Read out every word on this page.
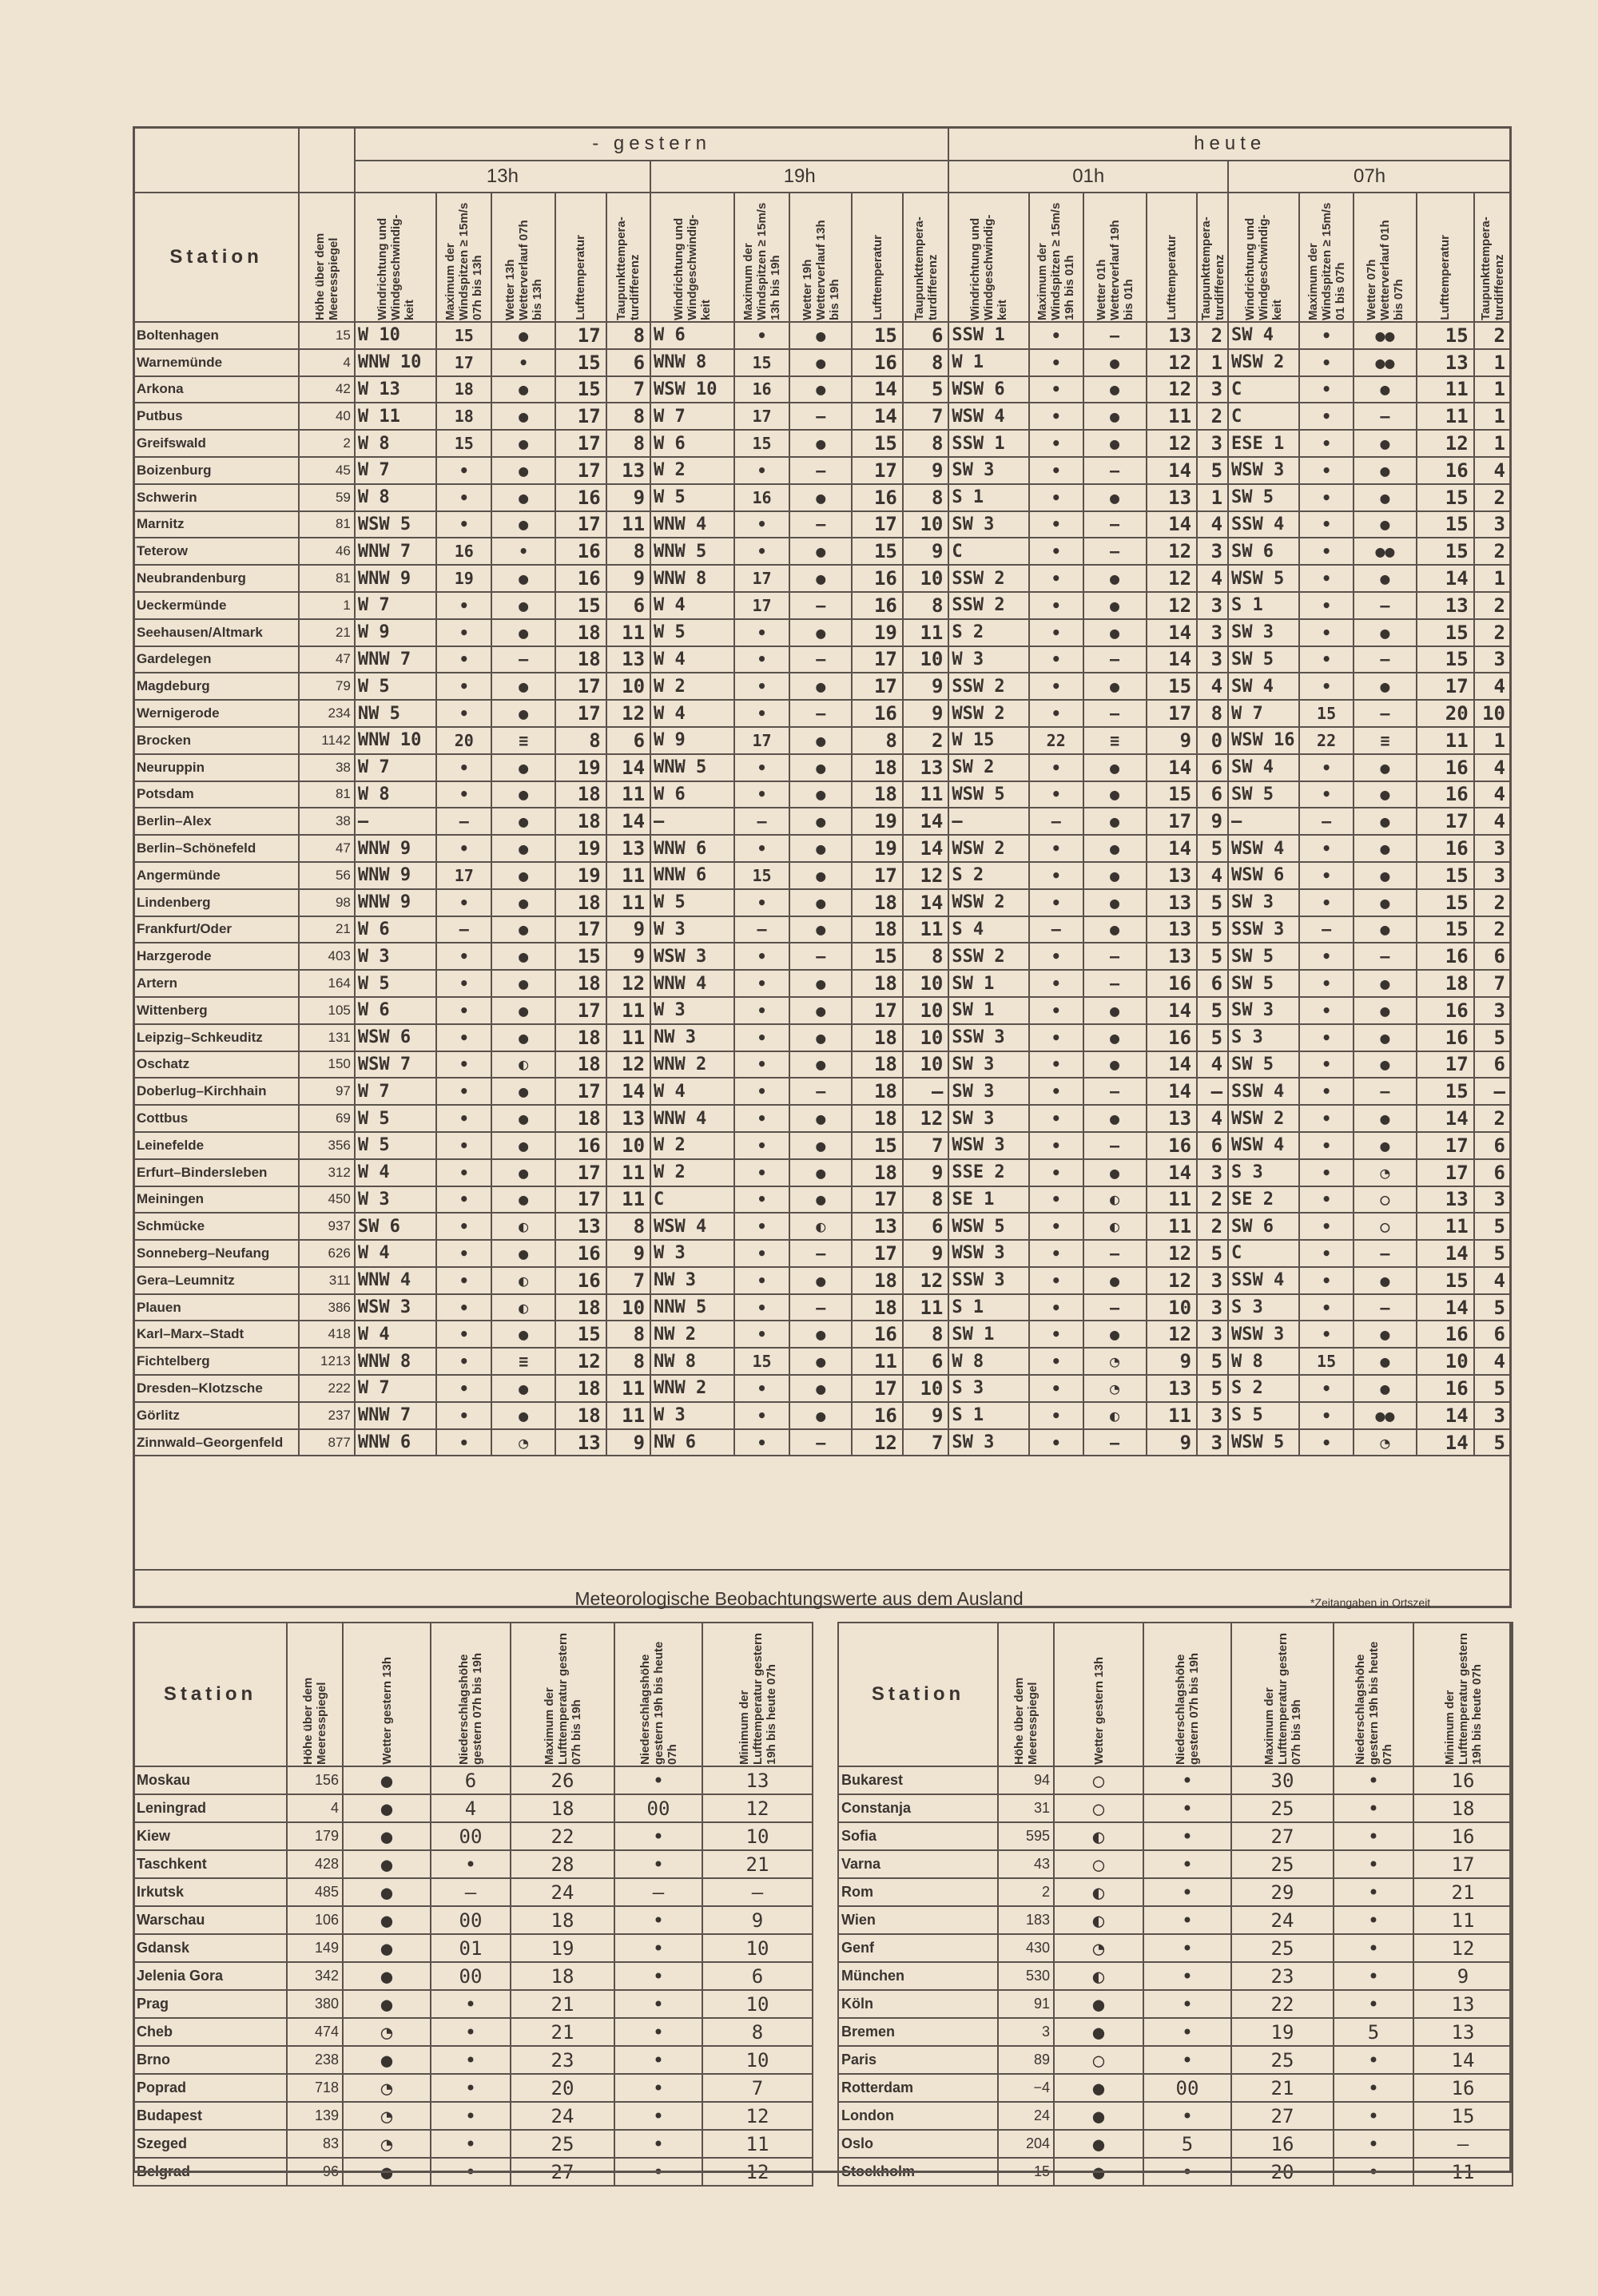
		- gestern										heute									
		13h					19h					01h					07h				
Station	Höhe über dem Meeresspiegel	Windrichtung und Windgeschwindig-keit	Maximum der Windspitzen ≥ 15m/s 07h bis 13h	Wetter 13h Wetterverlauf 07h bis 13h	Lufttemperatur	Taupunkttempera-turdifferenz	Windrichtung und Windgeschwindig-keit	Maximum der Windspitzen ≥ 15m/s 13h bis 19h	Wetter 19h Wetterverlauf 13h bis 19h	Lufttemperatur	Taupunkttempera-turdifferenz	Windrichtung und Windgeschwindig-keit	Maximum der Windspitzen ≥ 15m/s 19h bis 01h	Wetter 01h Wetterverlauf 19h bis 01h	Lufttemperatur	Taupunkttempera-turdifferenz	Windrichtung und Windgeschwindig-keit	Maximum der Windspitzen ≥ 15m/s 01 bis 07h	Wetter 07h Wetterverlauf 01h bis 07h	Lufttemperatur	Taupunkttempera-turdifferenz

Boltenhagen	15	W 10	15	●	17	8	W 6	•	●	15	6	SSW 1	•	–	13	2	SW 4	•	●●	15	2
Warnemünde	4	WNW 10	17	•	15	6	WNW 8	15	●	16	8	W 1	•	●	12	1	WSW 2	•	●●	13	1
Arkona	42	W 13	18	●	15	7	WSW 10	16	●	14	5	WSW 6	•	●	12	3	C	•	●	11	1
Putbus	40	W 11	18	●	17	8	W 7	17	–	14	7	WSW 4	•	●	11	2	C	•	–	11	1
Greifswald	2	W 8	15	●	17	8	W 6	15	●	15	8	SSW 1	•	●	12	3	ESE 1	•	●	12	1
Boizenburg	45	W 7	•	●	17	13	W 2	•	–	17	9	SW 3	•	–	14	5	WSW 3	•	●	16	4
Schwerin	59	W 8	•	●	16	9	W 5	16	●	16	8	S 1	•	●	13	1	SW 5	•	●	15	2
Marnitz	81	WSW 5	•	●	17	11	WNW 4	•	–	17	10	SW 3	•	–	14	4	SSW 4	•	●	15	3
Teterow	46	WNW 7	16	•	16	8	WNW 5	•	●	15	9	C	•	–	12	3	SW 6	•	●●	15	2
Neubrandenburg	81	WNW 9	19	●	16	9	WNW 8	17	●	16	10	SSW 2	•	●	12	4	WSW 5	•	●	14	1
Ueckermünde	1	W 7	•	●	15	6	W 4	17	–	16	8	SSW 2	•	●	12	3	S 1	•	–	13	2
Seehausen/Altmark	21	W 9	•	●	18	11	W 5	•	●	19	11	S 2	•	●	14	3	SW 3	•	●	15	2
Gardelegen	47	WNW 7	•	–	18	13	W 4	•	–	17	10	W 3	•	–	14	3	SW 5	•	–	15	3
Magdeburg	79	W 5	•	●	17	10	W 2	•	●	17	9	SSW 2	•	●	15	4	SW 4	•	●	17	4
Wernigerode	234	NW 5	•	●	17	12	W 4	•	–	16	9	WSW 2	•	–	17	8	W 7	15	–	20	10
Brocken	1142	WNW 10	20	≡	8	6	W 9	17	●	8	2	W 15	22	≡	9	0	WSW 16	22	≡	11	1
Neuruppin	38	W 7	•	●	19	14	WNW 5	•	●	18	13	SW 2	•	●	14	6	SW 4	•	●	16	4
Potsdam	81	W 8	•	●	18	11	W 6	•	●	18	11	WSW 5	•	●	15	6	SW 5	•	●	16	4
Berlin–Alex	38	–	–	●	18	14	–	–	●	19	14	–	–	●	17	9	–	–	●	17	4
Berlin–Schönefeld	47	WNW 9	•	●	19	13	WNW 6	•	●	19	14	WSW 2	•	●	14	5	WSW 4	•	●	16	3
Angermünde	56	WNW 9	17	●	19	11	WNW 6	15	●	17	12	S 2	•	●	13	4	WSW 6	•	●	15	3
Lindenberg	98	WNW 9	•	●	18	11	W 5	•	●	18	14	WSW 2	•	●	13	5	SW 3	•	●	15	2
Frankfurt/Oder	21	W 6	–	●	17	9	W 3	–	●	18	11	S 4	–	●	13	5	SSW 3	–	●	15	2
Harzgerode	403	W 3	•	●	15	9	WSW 3	•	–	15	8	SSW 2	•	–	13	5	SW 5	•	–	16	6
Artern	164	W 5	•	●	18	12	WNW 4	•	●	18	10	SW 1	•	–	16	6	SW 5	•	●	18	7
Wittenberg	105	W 6	•	●	17	11	W 3	•	●	17	10	SW 1	•	●	14	5	SW 3	•	●	16	3
Leipzig–Schkeuditz	131	WSW 6	•	●	18	11	NW 3	•	●	18	10	SSW 3	•	●	16	5	S 3	•	●	16	5
Oschatz	150	WSW 7	•	◐	18	12	WNW 2	•	●	18	10	SW 3	•	●	14	4	SW 5	•	●	17	6
Doberlug–Kirchhain	97	W 7	•	●	17	14	W 4	•	–	18	–	SW 3	•	–	14	–	SSW 4	•	–	15	–
Cottbus	69	W 5	•	●	18	13	WNW 4	•	●	18	12	SW 3	•	●	13	4	WSW 2	•	●	14	2
Leinefelde	356	W 5	•	●	16	10	W 2	•	●	15	7	WSW 3	•	–	16	6	WSW 4	•	●	17	6
Erfurt–Bindersleben	312	W 4	•	●	17	11	W 2	•	●	18	9	SSE 2	•	●	14	3	S 3	•	◔	17	6
Meiningen	450	W 3	•	●	17	11	C	•	●	17	8	SE 1	•	◐	11	2	SE 2	•	○	13	3
Schmücke	937	SW 6	•	◐	13	8	WSW 4	•	◐	13	6	WSW 5	•	◐	11	2	SW 6	•	○	11	5
Sonneberg–Neufang	626	W 4	•	●	16	9	W 3	•	–	17	9	WSW 3	•	–	12	5	C	•	–	14	5
Gera–Leumnitz	311	WNW 4	•	◐	16	7	NW 3	•	●	18	12	SSW 3	•	●	12	3	SSW 4	•	●	15	4
Plauen	386	WSW 3	•	◐	18	10	NNW 5	•	–	18	11	S 1	•	–	10	3	S 3	•	–	14	5
Karl–Marx–Stadt	418	W 4	•	●	15	8	NW 2	•	●	16	8	SW 1	•	●	12	3	WSW 3	•	●	16	6
Fichtelberg	1213	WNW 8	•	≡	12	8	NW 8	15	●	11	6	W 8	•	◔	9	5	W 8	15	●	10	4
Dresden–Klotzsche	222	W 7	•	●	18	11	WNW 2	•	●	17	10	S 3	•	◔	13	5	S 2	•	●	16	5
Görlitz	237	WNW 7	•	●	18	11	W 3	•	●	16	9	S 1	•	◐	11	3	S 5	•	●●	14	3
Zinnwald–Georgenfeld	877	WNW 6	•	◔	13	9	NW 6	•	–	12	7	SW 3	•	–	9	3	WSW 5	•	◔	14	5
Meteorologische Beobachtungswerte aus dem Ausland	*Zeitangaben in Ortszeit
Station	Höhe über dem Meeresspiegel	Wetter gestern 13h	Niederschlagshöhe gestern 07h bis 19h	Maximum der Lufttemperatur gestern 07h bis 19h	Niederschlagshöhe gestern 19h bis heute 07h	Minimum der Lufttemperatur gestern 19h bis heute 07h

Moskau	156	●	6	26	•	13
Leningrad	4	●	4	18	00	12
Kiew	179	●	00	22	•	10
Taschkent	428	●	•	28	•	21
Irkutsk	485	●	–	24	–	–
Warschau	106	●	00	18	•	9
Gdansk	149	●	01	19	•	10
Jelenia Gora	342	●	00	18	•	6
Prag	380	●	•	21	•	10
Cheb	474	◔	•	21	•	8
Brno	238	●	•	23	•	10
Poprad	718	◔	•	20	•	7
Budapest	139	◔	•	24	•	12
Szeged	83	◔	•	25	•	11
Belgrad	96	●	•	27	•	12
Station	Höhe über dem Meeresspiegel	Wetter gestern 13h	Niederschlagshöhe gestern 07h bis 19h	Maximum der Lufttemperatur gestern 07h bis 19h	Niederschlagshöhe gestern 19h bis heute 07h	Minimum der Lufttemperatur gestern 19h bis heute 07h

Bukarest	94	○	•	30	•	16
Constanja	31	○	•	25	•	18
Sofia	595	◐	•	27	•	16
Varna	43	○	•	25	•	17
Rom	2	◐	•	29	•	21
Wien	183	◐	•	24	•	11
Genf	430	◔	•	25	•	12
München	530	◐	•	23	•	9
Köln	91	●	•	22	•	13
Bremen	3	●	•	19	5	13
Paris	89	○	•	25	•	14
Rotterdam	−4	●	00	21	•	16
London	24	●	•	27	•	15
Oslo	204	●	5	16	•	–
Stockholm	15	●	•	20	•	11
